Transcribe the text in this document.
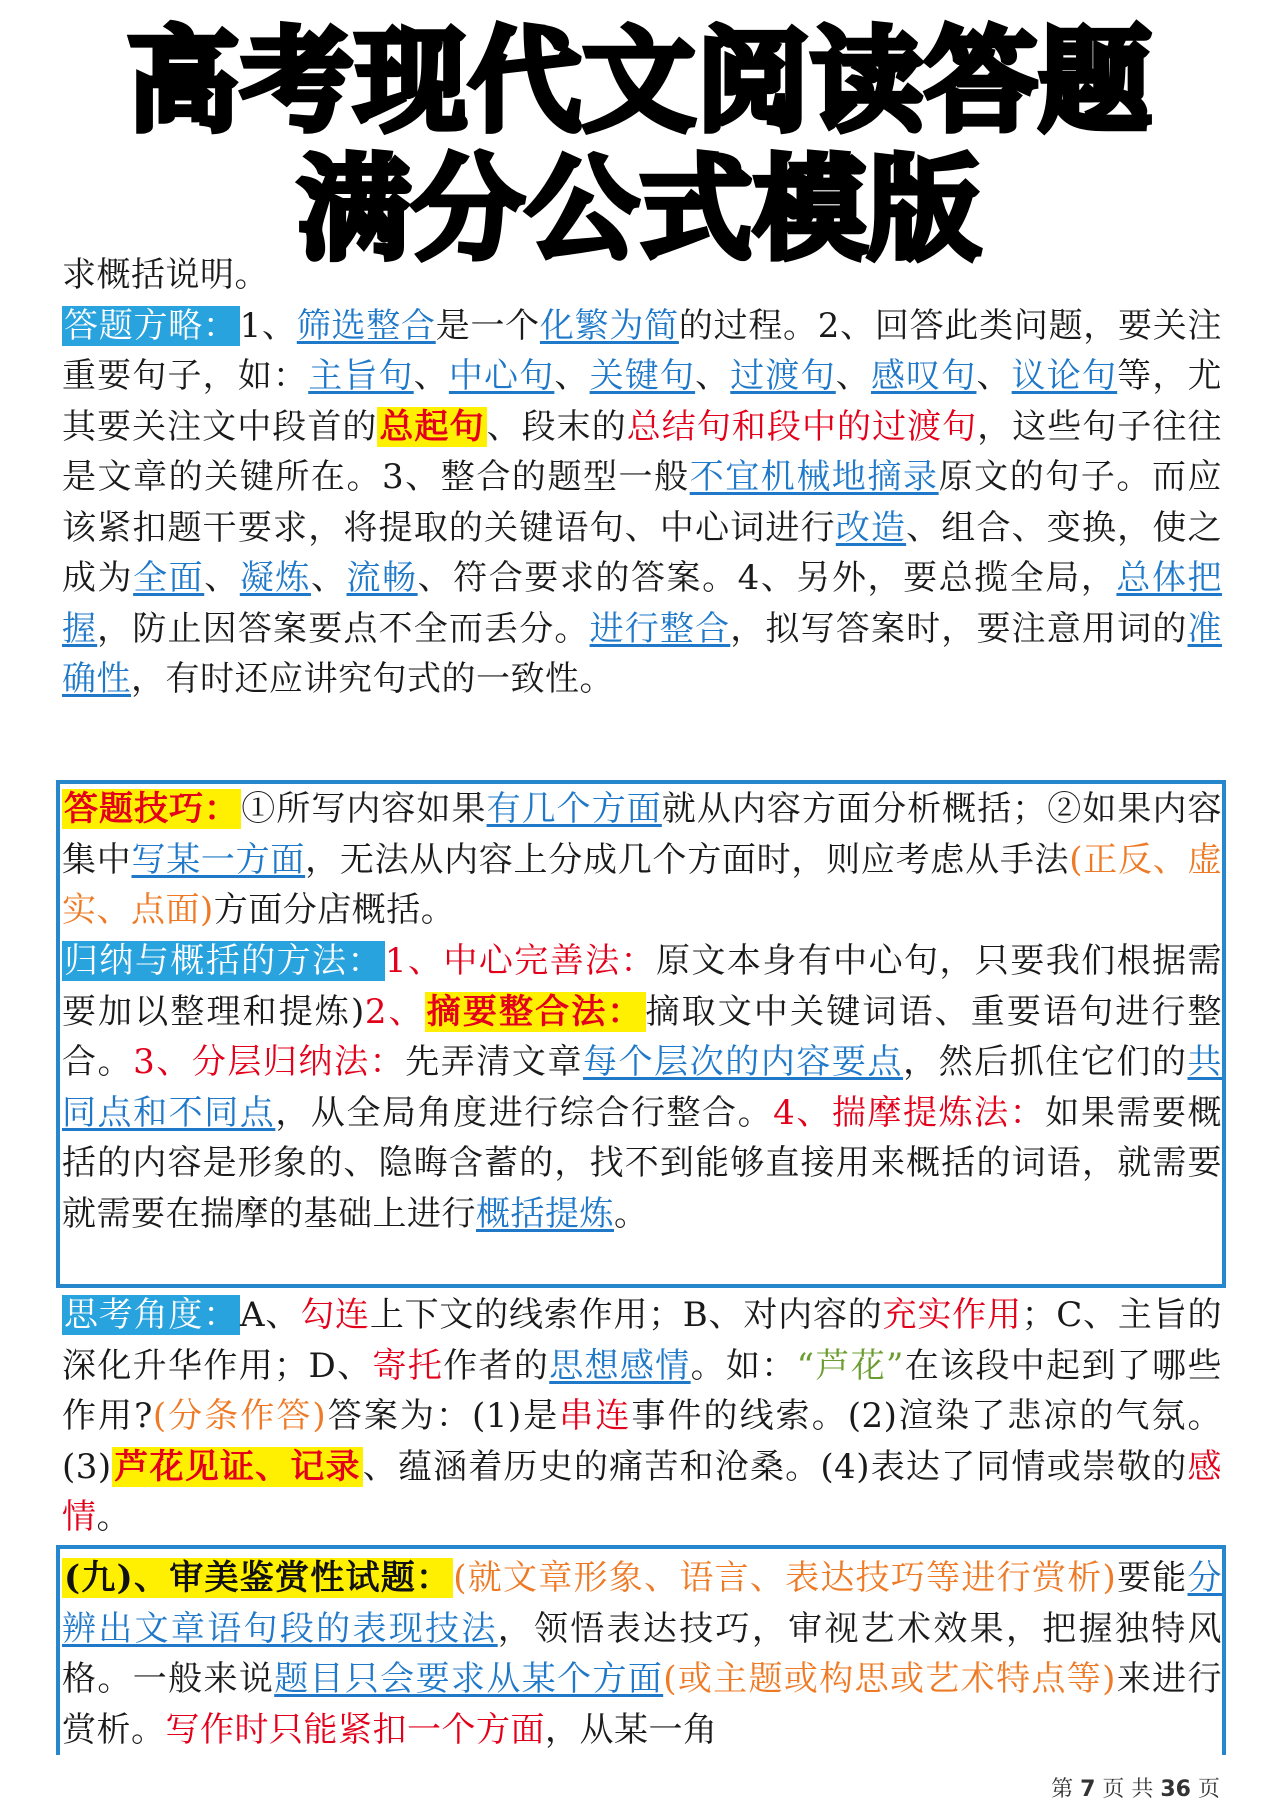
高考现代文阅读答题
满分公式模版
求概括说明。
答题方略：1、筛选整合是一个化繁为简的过程。2、回答此类问题，要关注重要句子，如：主旨句、中心句、关键句、过渡句、感叹句、议论句等，尤其要关注文中段首的总起句、段末的总结句和段中的过渡句，这些句子往往是文章的关键所在。3、整合的题型一般不宜机械地摘录原文的句子。而应该紧扣题干要求，将提取的关键语句、中心词进行改造、组合、变换，使之成为全面、凝炼、流畅、符合要求的答案。4、另外，要总揽全局，总体把握，防止因答案要点不全而丢分。进行整合，拟写答案时，要注意用词的准确性，有时还应讲究句式的一致性。
答题技巧：①所写内容如果有几个方面就从内容方面分析概括；②如果内容集中写某一方面，无法从内容上分成几个方面时，则应考虑从手法(正反、虚实、点面)方面分店概括。
归纳与概括的方法：1、中心完善法：原文本身有中心句，只要我们根据需要加以整理和提炼)2、摘要整合法：摘取文中关键词语、重要语句进行整合。3、分层归纳法：先弄清文章每个层次的内容要点，然后抓住它们的共同点和不同点，从全局角度进行综合行整合。4、揣摩提炼法：如果需要概括的内容是形象的、隐晦含蓄的，找不到能够直接用来概括的词语，就需要就需要在揣摩的基础上进行概括提炼。
思考角度：A、勾连上下文的线索作用；B、对内容的充实作用；C、主旨的深化升华作用；D、寄托作者的思想感情。如：“芦花”在该段中起到了哪些作用?(分条作答)答案为：(1)是串连事件的线索。(2)渲染了悲凉的气氛。(3)芦花见证、记录、蕴涵着历史的痛苦和沧桑。(4)表达了同情或崇敬的感情。
(九)、审美鉴赏性试题：(就文章形象、语言、表达技巧等进行赏析)要能分辨出文章语句段的表现技法，领悟表达技巧，审视艺术效果，把握独特风格。一般来说题目只会要求从某个方面(或主题或构思或艺术特点等)来进行赏析。写作时只能紧扣一个方面，从某一角
第 7 页 共 36 页
